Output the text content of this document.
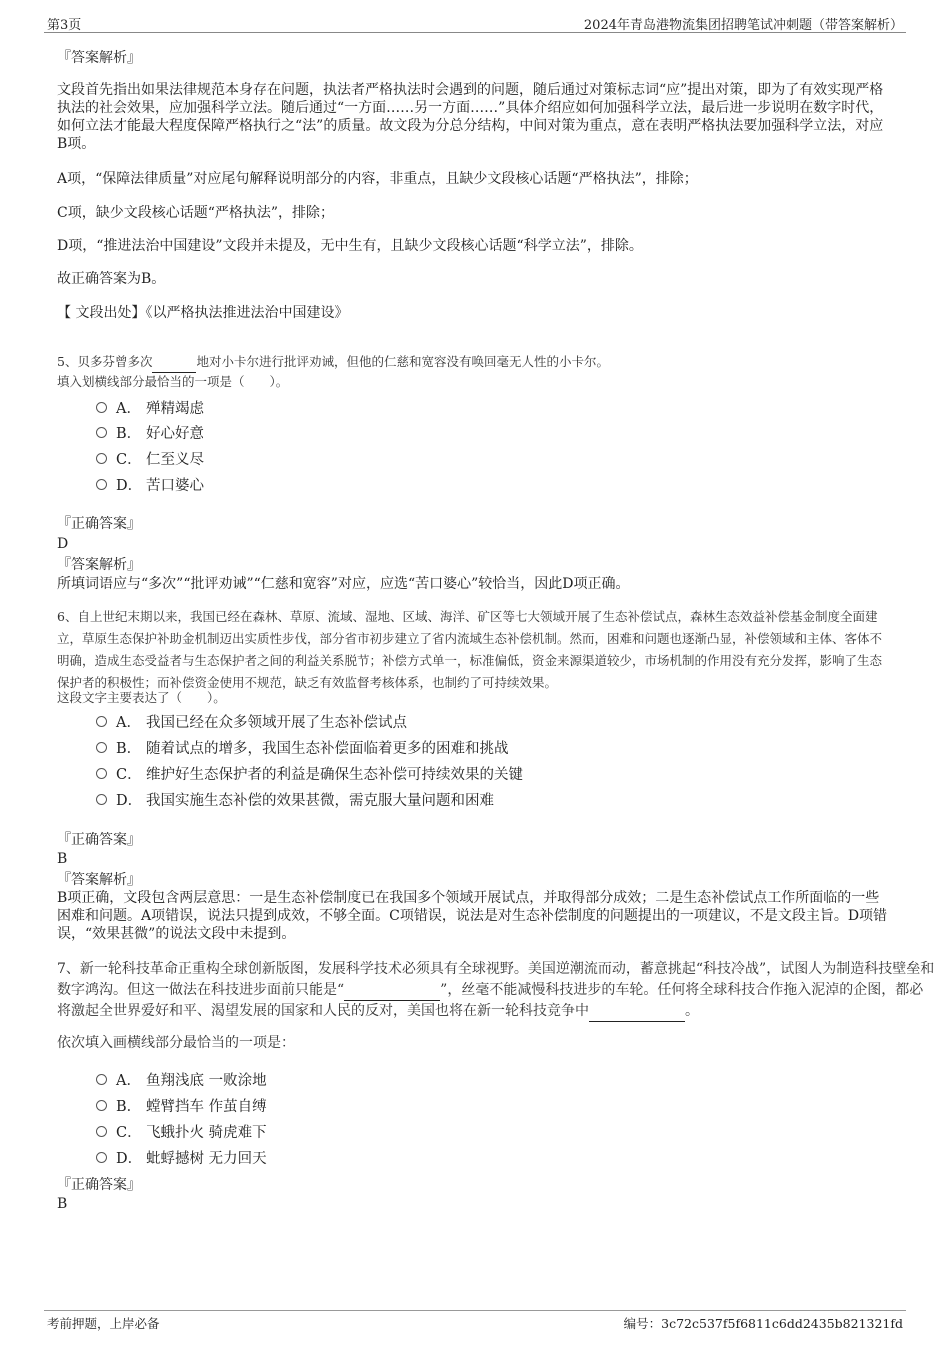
第3页	2024年青岛港物流集团招聘笔试冲刺题（带答案解析）
『答案解析』
文段首先指出如果法律规范本身存在问题，执法者严格执法时会遇到的问题，随后通过对策标志词“应”提出对策，即为了有效实现严格执法的社会效果，应加强科学立法。随后通过“一方面……另一方面……”具体介绍应如何加强科学立法，最后进一步说明在数字时代，如何立法才能最大程度保障严格执行之“法”的质量。故文段为分总分结构，中间对策为重点，意在表明严格执法要加强科学立法，对应B项。
A项，“保障法律质量”对应尾句解释说明部分的内容，非重点，且缺少文段核心话题“严格执法”，排除；
C项，缺少文段核心话题“严格执法”，排除；
D项，“推进法治中国建设”文段并未提及，无中生有，且缺少文段核心话题“科学立法”，排除。
故正确答案为B。
【 文段出处】《以严格执法推进法治中国建设》
5、贝多芬曾多次	地对小卡尔进行批评劝诫，但他的仁慈和宽容没有唤回毫无人性的小卡尔。
填入划横线部分最恰当的一项是（　　）。
A． 殚精竭虑
B． 好心好意
C． 仁至义尽
D． 苦口婆心
『正确答案』
D
『答案解析』
所填词语应与“多次”“批评劝诫”“仁慈和宽容”对应，应选“苦口婆心”较恰当，因此D项正确。
6、自上世纪末期以来，我国已经在森林、草原、流域、湿地、区域、海洋、矿区等七大领域开展了生态补偿试点，森林生态效益补偿基金制度全面建立，草原生态保护补助金机制迈出实质性步伐，部分省市初步建立了省内流域生态补偿机制。然而，困难和问题也逐渐凸显，补偿领域和主体、客体不明确，造成生态受益者与生态保护者之间的利益关系脱节；补偿方式单一，标准偏低，资金来源渠道较少，市场机制的作用没有充分发挥，影响了生态保护者的积极性；而补偿资金使用不规范，缺乏有效监督考核体系，也制约了可持续效果。
这段文字主要表达了（　　）。
A． 我国已经在众多领域开展了生态补偿试点
B． 随着试点的增多，我国生态补偿面临着更多的困难和挑战
C． 维护好生态保护者的利益是确保生态补偿可持续效果的关键
D． 我国实施生态补偿的效果甚微，需克服大量问题和困难
『正确答案』
B
『答案解析』
B项正确，文段包含两层意思：一是生态补偿制度已在我国多个领域开展试点，并取得部分成效；二是生态补偿试点工作所面临的一些困难和问题。A项错误，说法只提到成效，不够全面。C项错误，说法是对生态补偿制度的问题提出的一项建议，不是文段主旨。D项错误，“效果甚微”的说法文段中未提到。
7、新一轮科技革命正重构全球创新版图，发展科学技术必须具有全球视野。美国逆潮流而动，蓄意挑起“科技冷战”，试图人为制造科技壁垒和
数字鸿沟。但这一做法在科技进步面前只能是“	”，丝毫不能减慢科技进步的车轮。任何将全球科技合作拖入泥淖的企图，都必
将激起全世界爱好和平、渴望发展的国家和人民的反对，美国也将在新一轮科技竞争中	。
依次填入画横线部分最恰当的一项是：
A． 鱼翔浅底 一败涂地
B． 螳臂挡车 作茧自缚
C． 飞蛾扑火 骑虎难下
D． 蚍蜉撼树 无力回天
『正确答案』
B
考前押题，上岸必备	编号：3c72c537f5f6811c6dd2435b821321fd
